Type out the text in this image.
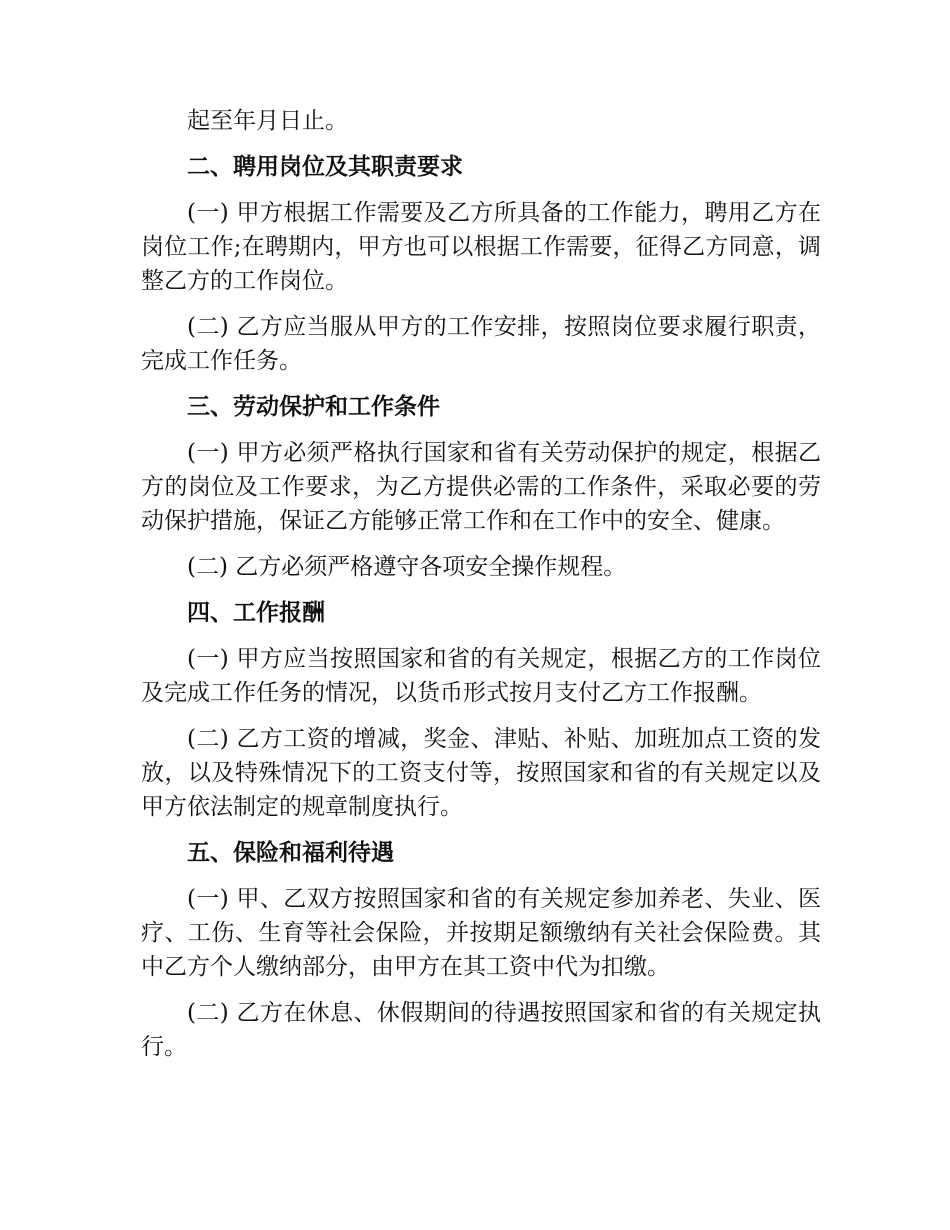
起至年月日止。

二、聘用岗位及其职责要求

(一) 甲方根据工作需要及乙方所具备的工作能力，聘用乙方在岗位工作;在聘期内，甲方也可以根据工作需要，征得乙方同意，调整乙方的工作岗位。

(二) 乙方应当服从甲方的工作安排，按照岗位要求履行职责，完成工作任务。

三、劳动保护和工作条件

(一) 甲方必须严格执行国家和省有关劳动保护的规定，根据乙方的岗位及工作要求，为乙方提供必需的工作条件，采取必要的劳动保护措施，保证乙方能够正常工作和在工作中的安全、健康。

(二) 乙方必须严格遵守各项安全操作规程。

四、工作报酬

(一) 甲方应当按照国家和省的有关规定，根据乙方的工作岗位及完成工作任务的情况，以货币形式按月支付乙方工作报酬。

(二) 乙方工资的增减，奖金、津贴、补贴、加班加点工资的发放，以及特殊情况下的工资支付等，按照国家和省的有关规定以及甲方依法制定的规章制度执行。

五、保险和福利待遇

(一) 甲、乙双方按照国家和省的有关规定参加养老、失业、医疗、工伤、生育等社会保险，并按期足额缴纳有关社会保险费。其中乙方个人缴纳部分，由甲方在其工资中代为扣缴。

(二) 乙方在休息、休假期间的待遇按照国家和省的有关规定执行。
